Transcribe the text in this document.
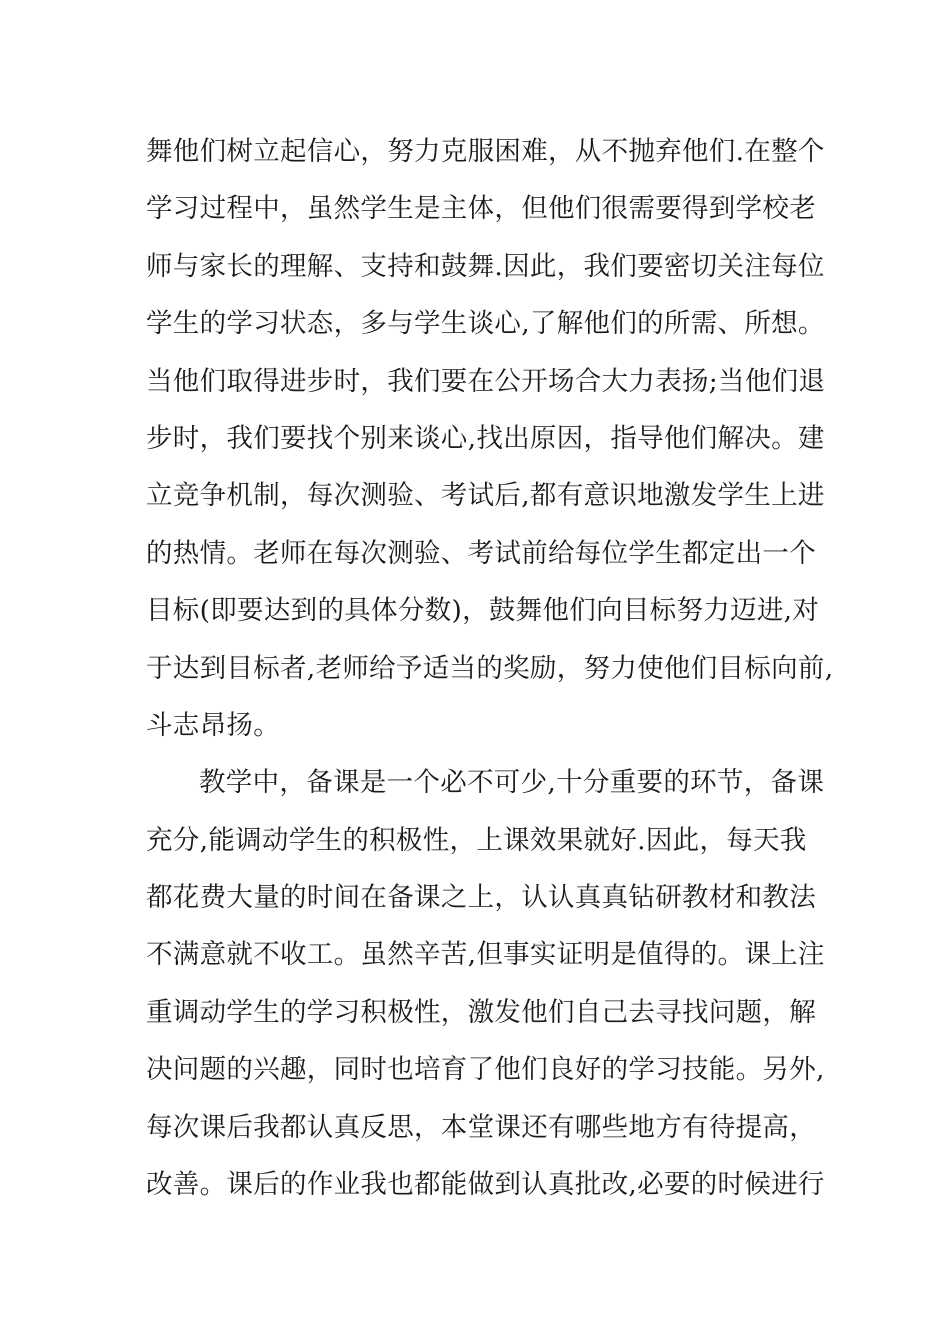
舞他们树立起信心，努力克服困难，从不抛弃他们.在整个
学习过程中，虽然学生是主体，但他们很需要得到学校老
师与家长的理解、支持和鼓舞.因此，我们要密切关注每位
学生的学习状态，多与学生谈心,了解他们的所需、所想。
当他们取得进步时，我们要在公开场合大力表扬;当他们退
步时，我们要找个别来谈心,找出原因，指导他们解决。建
立竞争机制，每次测验、考试后,都有意识地激发学生上进
的热情。老师在每次测验、考试前给每位学生都定出一个
目标(即要达到的具体分数)，鼓舞他们向目标努力迈进,对
于达到目标者,老师给予适当的奖励，努力使他们目标向前,
斗志昂扬。
教学中，备课是一个必不可少,十分重要的环节，备课
充分,能调动学生的积极性，上课效果就好.因此，每天我
都花费大量的时间在备课之上，认认真真钻研教材和教法
不满意就不收工。虽然辛苦,但事实证明是值得的。课上注
重调动学生的学习积极性，激发他们自己去寻找问题，解
决问题的兴趣，同时也培育了他们良好的学习技能。另外,
每次课后我都认真反思，本堂课还有哪些地方有待提高，
改善。课后的作业我也都能做到认真批改,必要的时候进行
